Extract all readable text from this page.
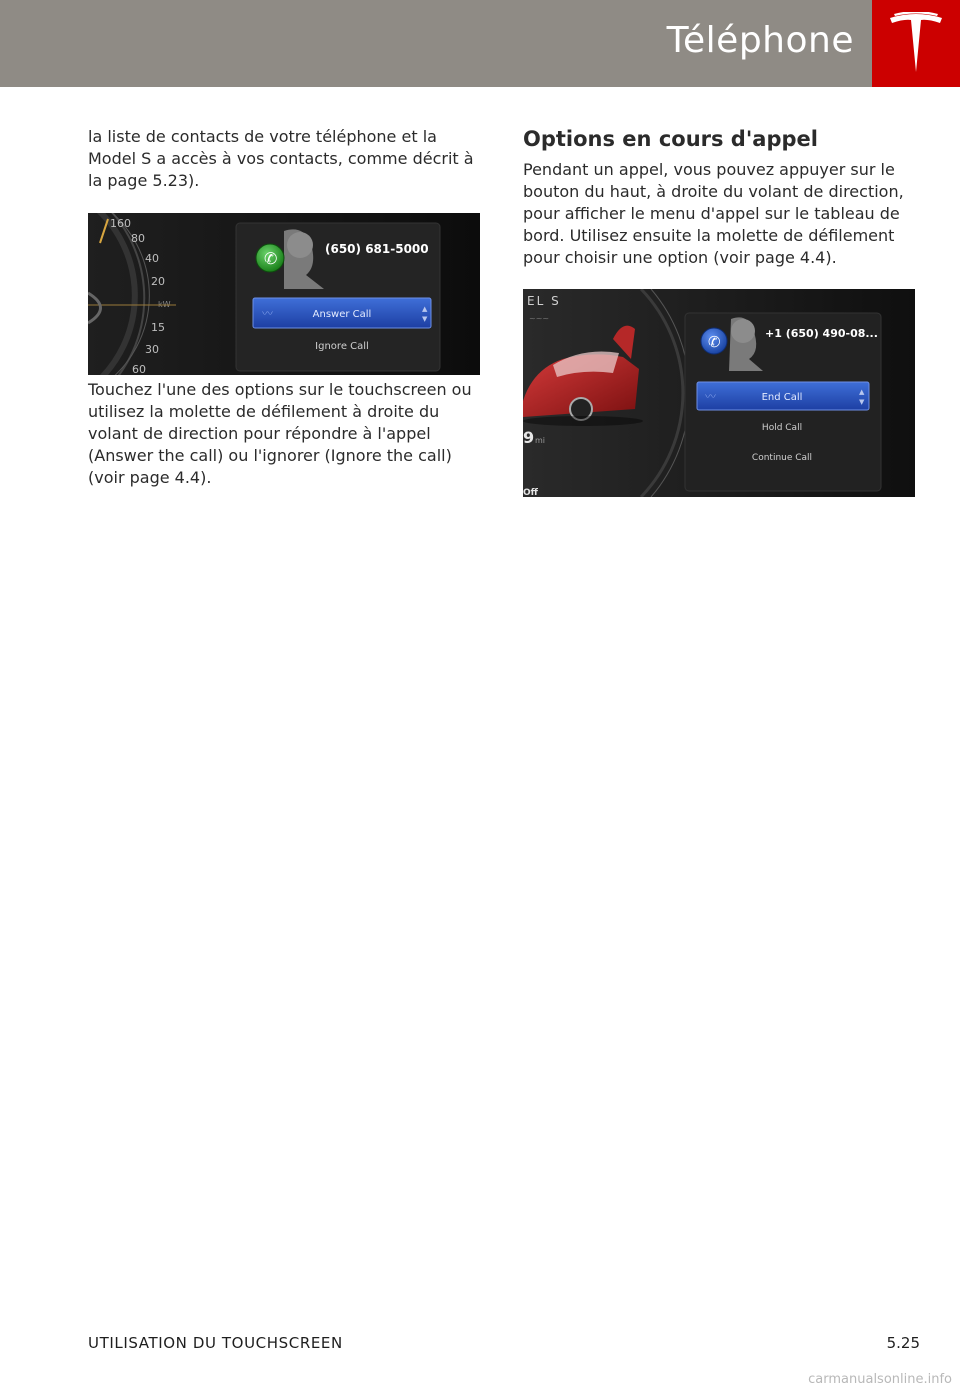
Téléphone

la liste de contacts de votre téléphone et la Model S a accès à vos contacts, comme décrit à la page 5.23).

160
80
40
20
kW
15
30
60
✆	(650) 681-5000
〰	▲
▼
Answer Call
Ignore Call

Touchez l'une des options sur le touchscreen ou utilisez la molette de défilement à droite du volant de direction pour répondre à l'appel (Answer the call) ou l'ignorer (Ignore the call) (voir page 4.4).

Options en cours d'appel

Pendant un appel, vous pouvez appuyer sur le bouton du haut, à droite du volant de direction, pour afficher le menu d'appel sur le tableau de bord. Utilisez ensuite la molette de défilement pour choisir une option (voir page 4.4).

EL S
~~~
9 mi
Off
✆	+1 (650) 490-08...
〰	▲
▼
End Call
Hold Call
Continue Call
UTILISATION DU TOUCHSCREEN	5.25
carmanualsonline.info
